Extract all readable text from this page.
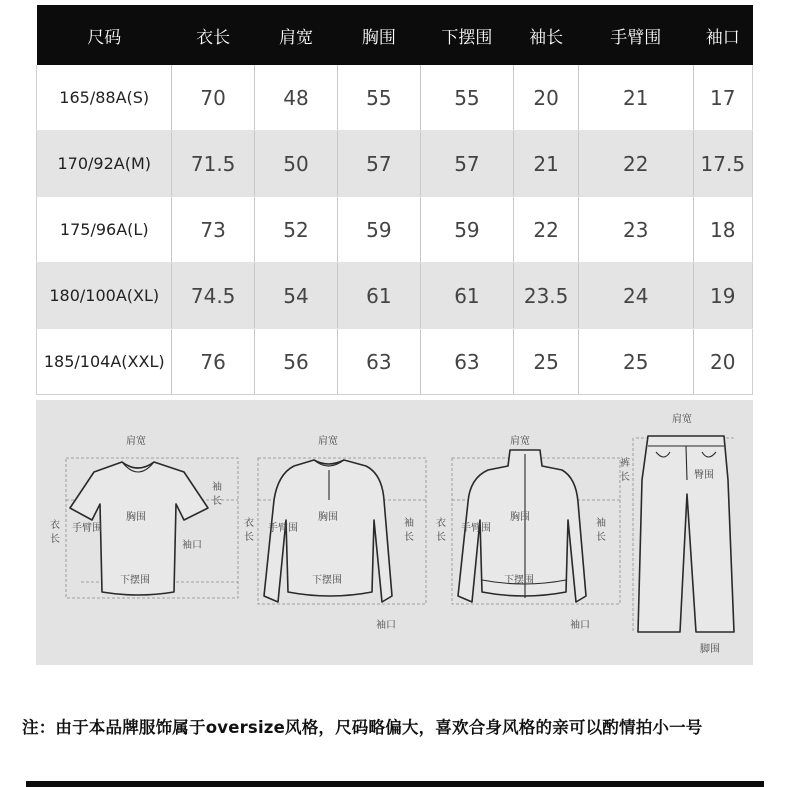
尺码	衣长	肩宽	胸围	下摆围	袖长	手臂围	袖口
165/88A(S)	70	48	55	55	20	21	17
170/92A(M)	71.5	50	57	57	21	22	17.5
175/96A(L)	73	52	59	59	22	23	18
180/100A(XL)	74.5	54	61	61	23.5	24	19
185/104A(XXL)	76	56	63	63	25	25	20
肩宽
袖
长
衣
长
手臂围
胸围
袖口
下摆围
肩宽
衣
长
手臂围
胸围
袖
长
下摆围
袖口
肩宽
衣
长
手臂围
胸围
袖
长
下摆围
袖口
肩宽
裤
长	臀围
脚围
注：由于本品牌服饰属于oversize风格，尺码略偏大，喜欢合身风格的亲可以酌情拍小一号
